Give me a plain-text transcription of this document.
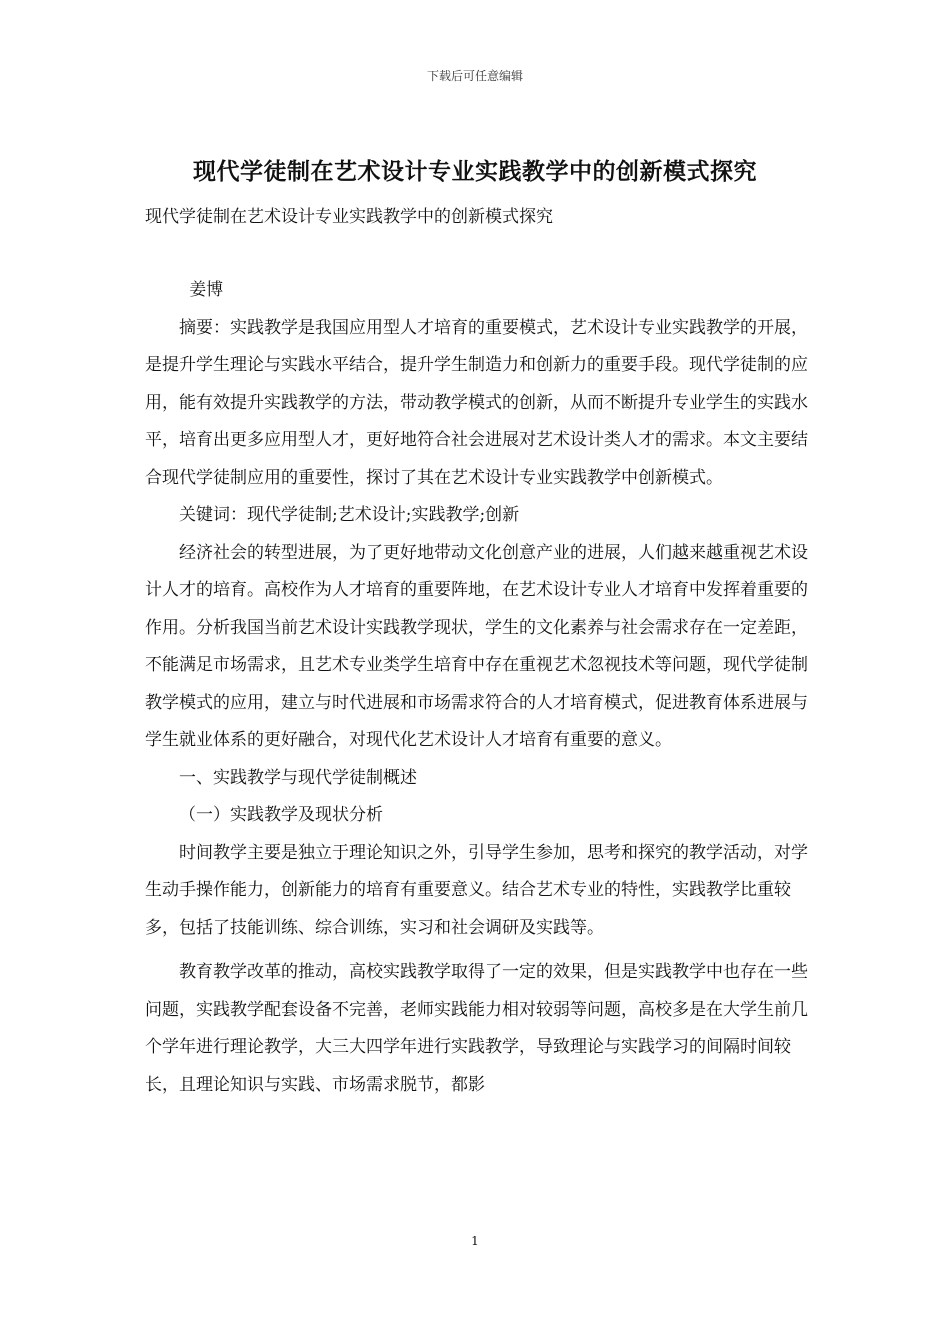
下载后可任意编辑
现代学徒制在艺术设计专业实践教学中的创新模式探究
现代学徒制在艺术设计专业实践教学中的创新模式探究

姜博

摘要：实践教学是我国应用型人才培育的重要模式，艺术设计专业实践教学的开展，是提升学生理论与实践水平结合，提升学生制造力和创新力的重要手段。现代学徒制的应用，能有效提升实践教学的方法，带动教学模式的创新，从而不断提升专业学生的实践水平，培育出更多应用型人才，更好地符合社会进展对艺术设计类人才的需求。本文主要结合现代学徒制应用的重要性，探讨了其在艺术设计专业实践教学中创新模式。

关键词：现代学徒制;艺术设计;实践教学;创新

经济社会的转型进展，为了更好地带动文化创意产业的进展，人们越来越重视艺术设计人才的培育。高校作为人才培育的重要阵地，在艺术设计专业人才培育中发挥着重要的作用。分析我国当前艺术设计实践教学现状，学生的文化素养与社会需求存在一定差距，不能满足市场需求，且艺术专业类学生培育中存在重视艺术忽视技术等问题，现代学徒制教学模式的应用，建立与时代进展和市场需求符合的人才培育模式，促进教育体系进展与学生就业体系的更好融合，对现代化艺术设计人才培育有重要的意义。

一、实践教学与现代学徒制概述

（一）实践教学及现状分析

时间教学主要是独立于理论知识之外，引导学生参加，思考和探究的教学活动，对学生动手操作能力，创新能力的培育有重要意义。结合艺术专业的特性，实践教学比重较多，包括了技能训练、综合训练，实习和社会调研及实践等。

教育教学改革的推动，高校实践教学取得了一定的效果，但是实践教学中也存在一些问题，实践教学配套设备不完善，老师实践能力相对较弱等问题，高校多是在大学生前几个学年进行理论教学，大三大四学年进行实践教学，导致理论与实践学习的间隔时间较长，且理论知识与实践、市场需求脱节，都影

1
